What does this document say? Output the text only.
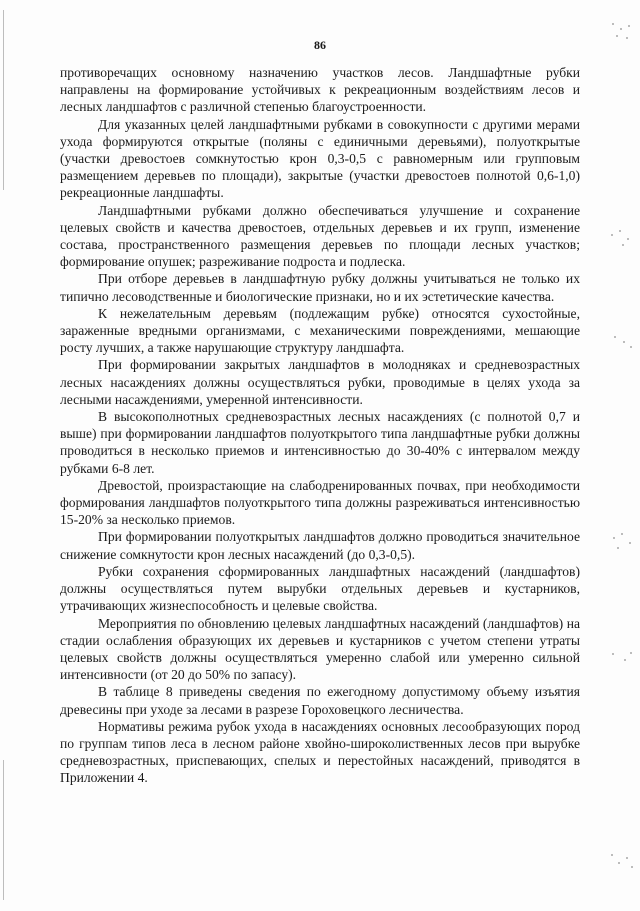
86

противоречащих основному назначению участков лесов. Ландшафтные рубки направлены на формирование устойчивых к рекреационным воздействиям лесов и лесных ландшафтов с различной степенью благоустроенности.

Для указанных целей ландшафтными рубками в совокупности с другими мерами ухода формируются открытые (поляны с единичными деревьями), полуоткрытые (участки древостоев сомкнутостью крон 0,3-0,5 с равномерным или групповым размещением деревьев по площади), закрытые (участки древостоев полнотой 0,6-1,0) рекреационные ландшафты.

Ландшафтными рубками должно обеспечиваться улучшение и сохранение целевых свойств и качества древостоев, отдельных деревьев и их групп, изменение состава, пространственного размещения деревьев по площади лесных участков; формирование опушек; разреживание подроста и подлеска.

При отборе деревьев в ландшафтную рубку должны учитываться не только их типично лесоводственные и биологические признаки, но и их эстетические качества.

К нежелательным деревьям (подлежащим рубке) относятся сухостойные, зараженные вредными организмами, с механическими повреждениями, мешающие росту лучших, а также нарушающие структуру ландшафта.

При формировании закрытых ландшафтов в молодняках и средневозрастных лесных насаждениях должны осуществляться рубки, проводимые в целях ухода за лесными насаждениями, умеренной интенсивности.

В высокополнотных средневозрастных лесных насаждениях (с полнотой 0,7 и выше) при формировании ландшафтов полуоткрытого типа ландшафтные рубки должны проводиться в несколько приемов и интенсивностью до 30-40% с интервалом между рубками 6-8 лет.

Древостой, произрастающие на слабодренированных почвах, при необходимости формирования ландшафтов полуоткрытого типа должны разреживаться интенсивностью 15-20% за несколько приемов.

При формировании полуоткрытых ландшафтов должно проводиться значительное снижение сомкнутости крон лесных насаждений (до 0,3-0,5).

Рубки сохранения сформированных ландшафтных насаждений (ландшафтов) должны осуществляться путем вырубки отдельных деревьев и кустарников, утрачивающих жизнеспособность и целевые свойства.

Мероприятия по обновлению целевых ландшафтных насаждений (ландшафтов) на стадии ослабления образующих их деревьев и кустарников с учетом степени утраты целевых свойств должны осуществляться умеренно слабой или умеренно сильной интенсивности (от 20 до 50% по запасу).

В таблице 8 приведены сведения по ежегодному допустимому объему изъятия древесины при уходе за лесами в разрезе Гороховецкого лесничества.

Нормативы режима рубок ухода в насаждениях основных лесообразующих пород по группам типов леса в лесном районе хвойно-широколиственных лесов при вырубке средневозрастных, приспевающих, спелых и перестойных насаждений, приводятся в Приложении 4.
